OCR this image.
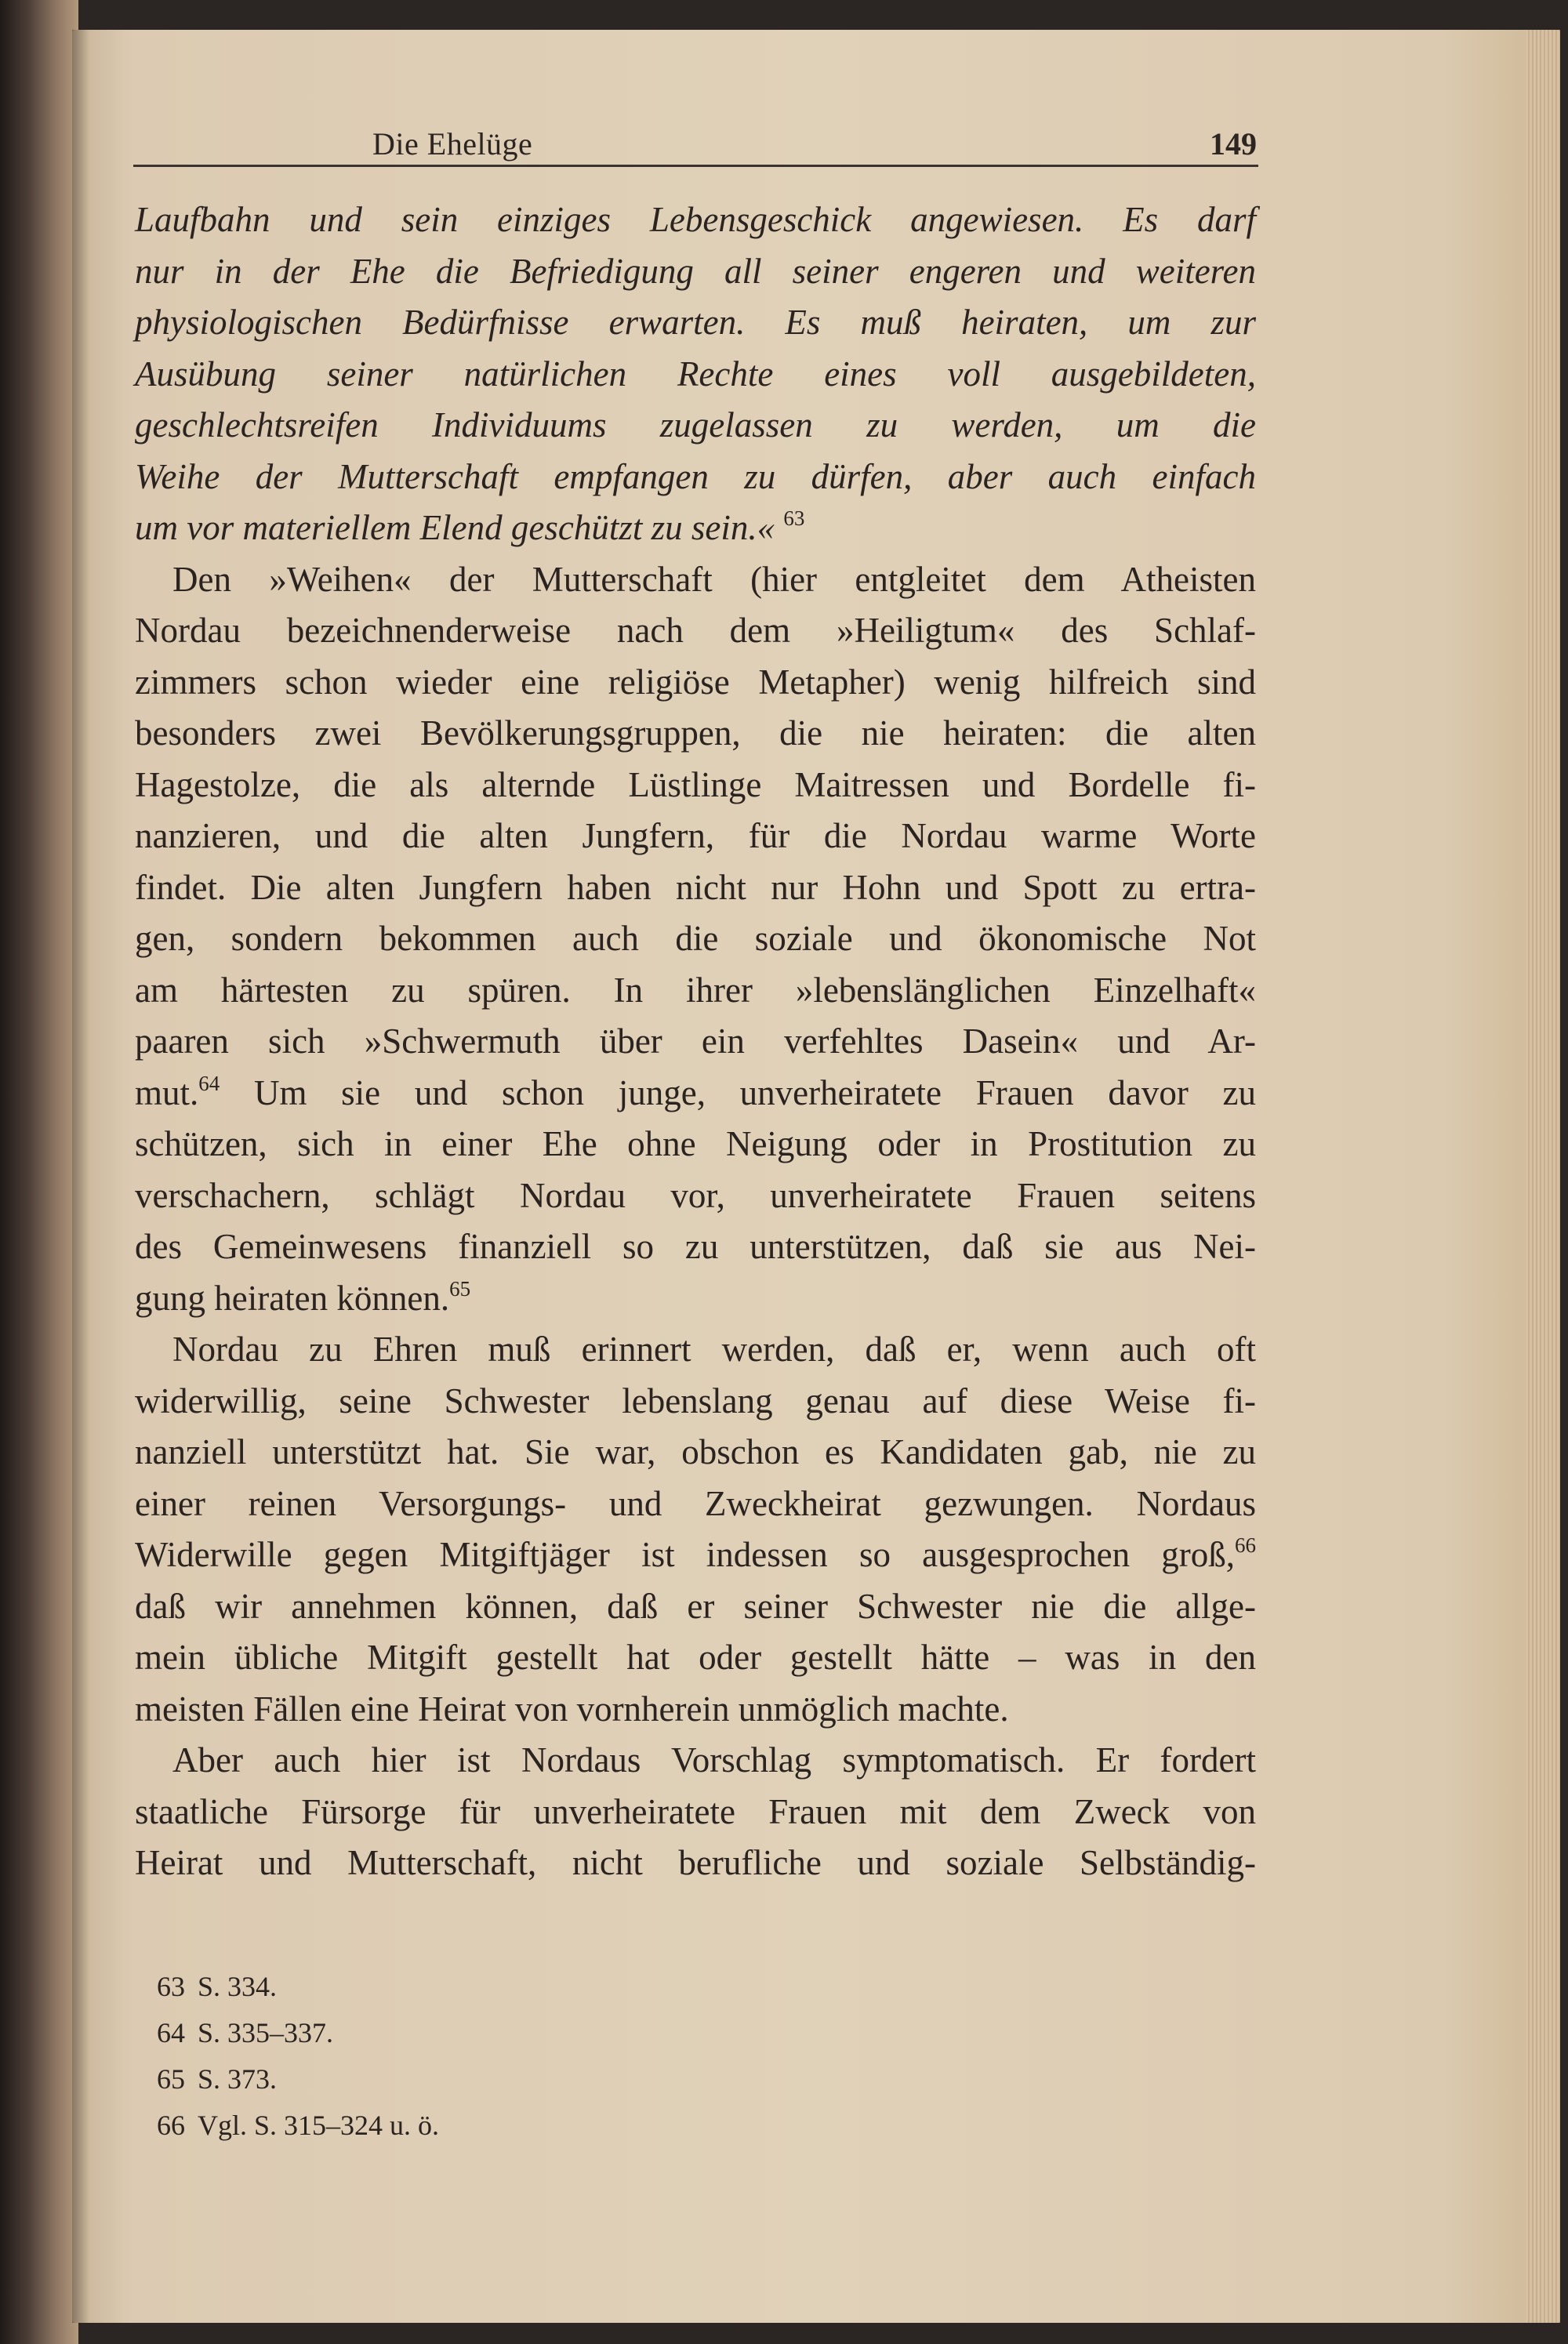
Die Ehelüge	149
Laufbahn und sein einziges Lebensgeschick angewiesen. Es darf
nur in der Ehe die Befriedigung all seiner engeren und weiteren
physiologischen Bedürfnisse erwarten. Es muß heiraten, um zur
Ausübung seiner natürlichen Rechte eines voll ausgebildeten,
geschlechtsreifen Individuums zugelassen zu werden, um die
Weihe der Mutterschaft empfangen zu dürfen, aber auch einfach
um vor materiellem Elend geschützt zu sein.« $^{63}$
Den »Weihen« der Mutterschaft (hier entgleitet dem Atheisten
Nordau bezeichnenderweise nach dem »Heiligtum« des Schlaf-
zimmers schon wieder eine religiöse Metapher) wenig hilfreich sind
besonders zwei Bevölkerungsgruppen, die nie heiraten: die alten
Hagestolze, die als alternde Lüstlinge Maitressen und Bordelle fi-
nanzieren, und die alten Jungfern, für die Nordau warme Worte
findet. Die alten Jungfern haben nicht nur Hohn und Spott zu ertra-
gen, sondern bekommen auch die soziale und ökonomische Not
am härtesten zu spüren. In ihrer »lebenslänglichen Einzelhaft«
paaren sich »Schwermuth über ein verfehltes Dasein« und Ar-
mut.$^{64}$ Um sie und schon junge, unverheiratete Frauen davor zu
schützen, sich in einer Ehe ohne Neigung oder in Prostitution zu
verschachern, schlägt Nordau vor, unverheiratete Frauen seitens
des Gemeinwesens finanziell so zu unterstützen, daß sie aus Nei-
gung heiraten können.$^{65}$
Nordau zu Ehren muß erinnert werden, daß er, wenn auch oft
widerwillig, seine Schwester lebenslang genau auf diese Weise fi-
nanziell unterstützt hat. Sie war, obschon es Kandidaten gab, nie zu
einer reinen Versorgungs- und Zweckheirat gezwungen. Nordaus
Widerwille gegen Mitgiftjäger ist indessen so ausgesprochen groß,$^{66}$
daß wir annehmen können, daß er seiner Schwester nie die allge-
mein übliche Mitgift gestellt hat oder gestellt hätte – was in den
meisten Fällen eine Heirat von vornherein unmöglich machte.
Aber auch hier ist Nordaus Vorschlag symptomatisch. Er fordert
staatliche Fürsorge für unverheiratete Frauen mit dem Zweck von
Heirat und Mutterschaft, nicht berufliche und soziale Selbständig-
63 S. 334.
64 S. 335–337.
65 S. 373.
66 Vgl. S. 315–324 u. ö.
